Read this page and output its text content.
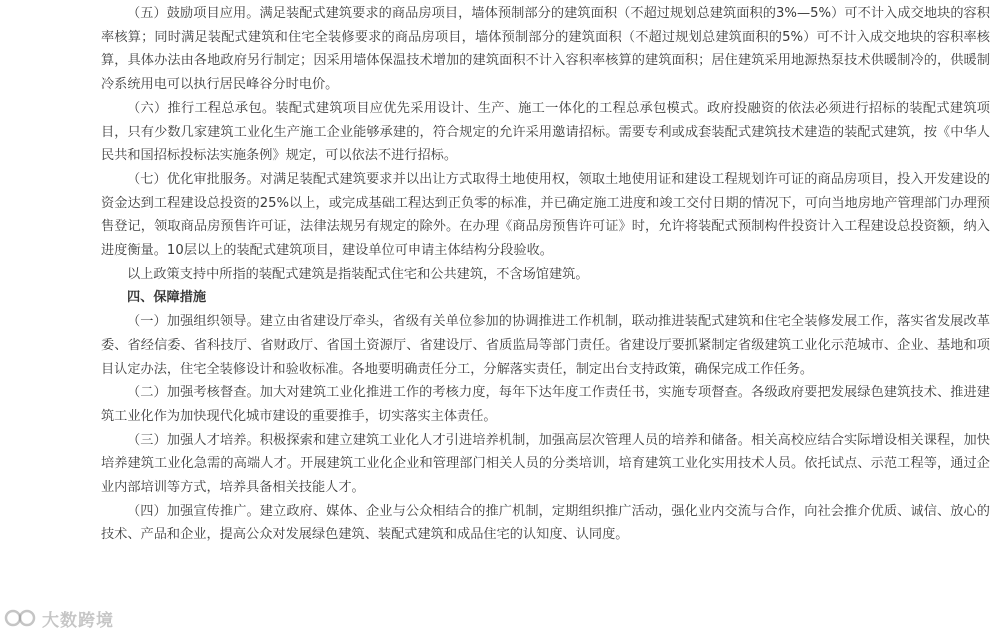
（五）鼓励项目应用。满足装配式建筑要求的商品房项目，墙体预制部分的建筑面积（不超过规划总建筑面积的3%—5%）可不计入成交地块的容积率核算；同时满足装配式建筑和住宅全装修要求的商品房项目，墙体预制部分的建筑面积（不超过规划总建筑面积的5%）可不计入成交地块的容积率核算，具体办法由各地政府另行制定；因采用墙体保温技术增加的建筑面积不计入容积率核算的建筑面积；居住建筑采用地源热泵技术供暖制冷的，供暖制冷系统用电可以执行居民峰谷分时电价。

（六）推行工程总承包。装配式建筑项目应优先采用设计、生产、施工一体化的工程总承包模式。政府投融资的依法必须进行招标的装配式建筑项目，只有少数几家建筑工业化生产施工企业能够承建的，符合规定的允许采用邀请招标。需要专利或成套装配式建筑技术建造的装配式建筑，按《中华人民共和国招标投标法实施条例》规定，可以依法不进行招标。

（七）优化审批服务。对满足装配式建筑要求并以出让方式取得土地使用权，领取土地使用证和建设工程规划许可证的商品房项目，投入开发建设的资金达到工程建设总投资的25%以上，或完成基础工程达到正负零的标准，并已确定施工进度和竣工交付日期的情况下，可向当地房地产管理部门办理预售登记，领取商品房预售许可证，法律法规另有规定的除外。在办理《商品房预售许可证》时，允许将装配式预制构件投资计入工程建设总投资额，纳入进度衡量。10层以上的装配式建筑项目，建设单位可申请主体结构分段验收。

以上政策支持中所指的装配式建筑是指装配式住宅和公共建筑，不含场馆建筑。

四、保障措施

（一）加强组织领导。建立由省建设厅牵头，省级有关单位参加的协调推进工作机制，联动推进装配式建筑和住宅全装修发展工作，落实省发展改革委、省经信委、省科技厅、省财政厅、省国土资源厅、省建设厅、省质监局等部门责任。省建设厅要抓紧制定省级建筑工业化示范城市、企业、基地和项目认定办法，住宅全装修设计和验收标准。各地要明确责任分工，分解落实责任，制定出台支持政策，确保完成工作任务。

（二）加强考核督查。加大对建筑工业化推进工作的考核力度，每年下达年度工作责任书，实施专项督查。各级政府要把发展绿色建筑技术、推进建筑工业化作为加快现代化城市建设的重要推手，切实落实主体责任。

（三）加强人才培养。积极探索和建立建筑工业化人才引进培养机制，加强高层次管理人员的培养和储备。相关高校应结合实际增设相关课程，加快培养建筑工业化急需的高端人才。开展建筑工业化企业和管理部门相关人员的分类培训，培育建筑工业化实用技术人员。依托试点、示范工程等，通过企业内部培训等方式，培养具备相关技能人才。

（四）加强宣传推广。建立政府、媒体、企业与公众相结合的推广机制，定期组织推广活动，强化业内交流与合作，向社会推介优质、诚信、放心的技术、产品和企业，提高公众对发展绿色建筑、装配式建筑和成品住宅的认知度、认同度。

大数跨境
